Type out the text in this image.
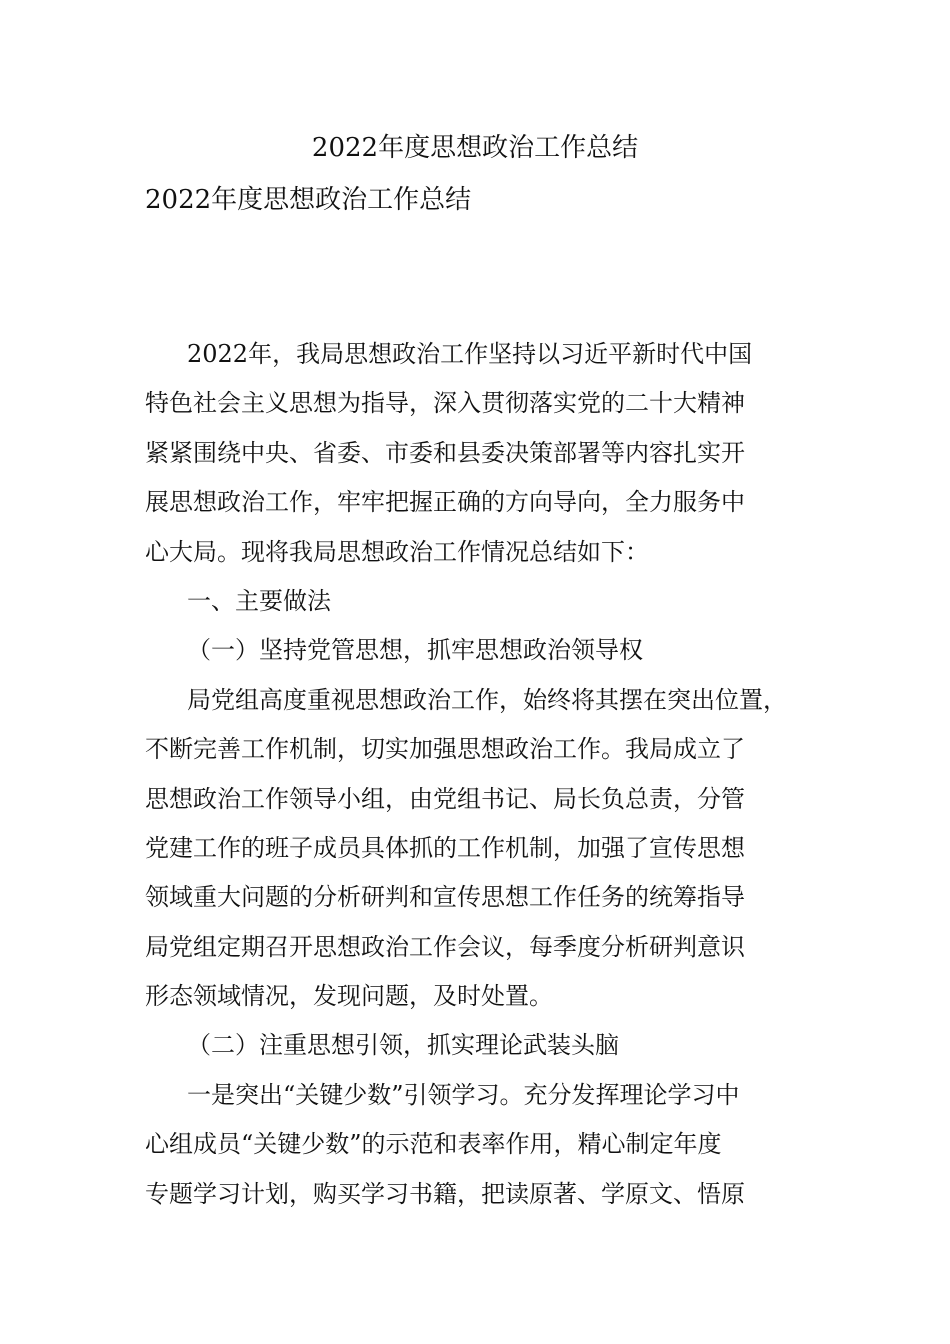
2022年度思想政治工作总结
2022年度思想政治工作总结
2022年，我局思想政治工作坚持以习近平新时代中国
特色社会主义思想为指导，深入贯彻落实党的二十大精神
紧紧围绕中央、省委、市委和县委决策部署等内容扎实开
展思想政治工作，牢牢把握正确的方向导向，全力服务中
心大局。现将我局思想政治工作情况总结如下：
一、主要做法
（一）坚持党管思想，抓牢思想政治领导权
局党组高度重视思想政治工作，始终将其摆在突出位置，
不断完善工作机制，切实加强思想政治工作。我局成立了
思想政治工作领导小组，由党组书记、局长负总责，分管
党建工作的班子成员具体抓的工作机制，加强了宣传思想
领域重大问题的分析研判和宣传思想工作任务的统筹指导
局党组定期召开思想政治工作会议，每季度分析研判意识
形态领域情况，发现问题，及时处置。
（二）注重思想引领，抓实理论武装头脑
一是突出“关键少数”引领学习。充分发挥理论学习中
心组成员“关键少数”的示范和表率作用，精心制定年度
专题学习计划，购买学习书籍，把读原著、学原文、悟原
